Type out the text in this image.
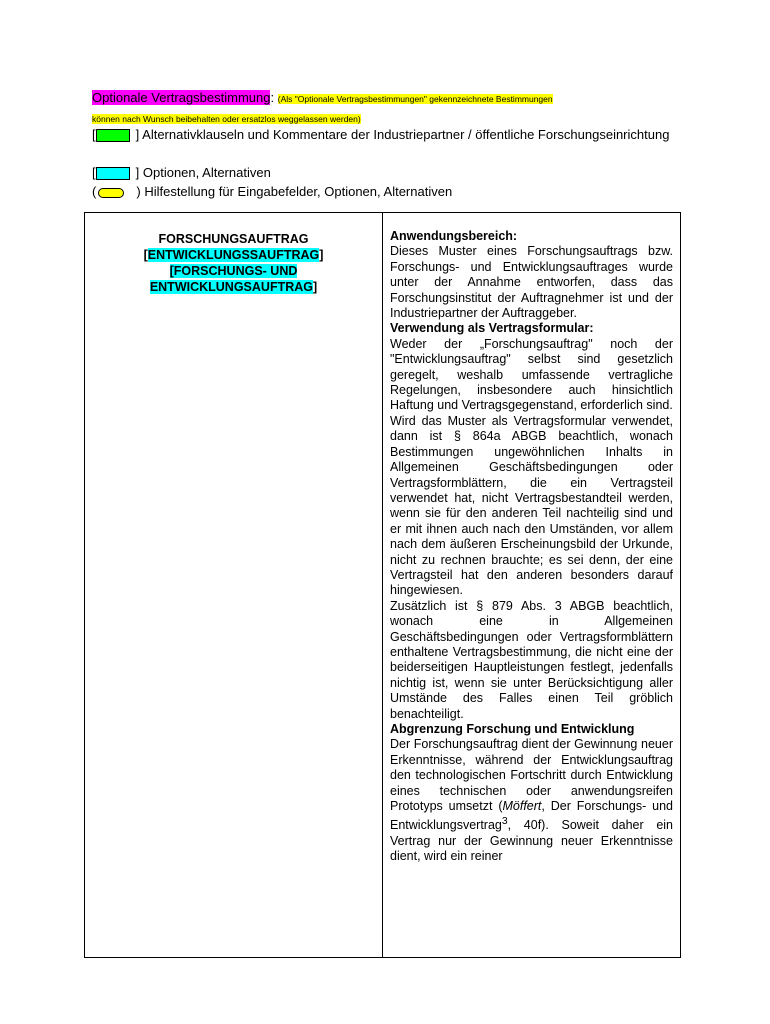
Optionale Vertragsbestimmung: (Als "Optionale Vertragsbestimmungen" gekennzeichnete Bestimmungen
können nach Wunsch beibehalten oder ersatzlos weggelassen werden)
[	] Alternativklauseln und Kommentare der Industriepartner / öffentliche Forschungseinrichtung
[	] Optionen, Alternativen
(	) Hilfestellung für Eingabefelder, Optionen, Alternativen
FORSCHUNGSAUFTRAG
[ENTWICKLUNGSSAUFTRAG]
[FORSCHUNGS- UND
ENTWICKLUNGSAUFTRAG]

Anwendungsbereich:

Dieses Muster eines Forschungsauftrags bzw. Forschungs- und Entwicklungsauftrages wurde unter der Annahme entworfen, dass das Forschungsinstitut der Auftragnehmer ist und der Industriepartner der Auftraggeber.

Verwendung als Vertragsformular:

Weder der „Forschungsauftrag" noch der "Entwicklungsauftrag" selbst sind gesetzlich geregelt, weshalb umfassende vertragliche Regelungen, insbesondere auch hinsichtlich Haftung und Vertragsgegenstand, erforderlich sind.

Wird das Muster als Vertragsformular verwendet, dann ist § 864a ABGB beachtlich, wonach Bestimmungen ungewöhnlichen Inhalts in Allgemeinen Geschäftsbedingungen oder Vertragsformblättern, die ein Vertragsteil verwendet hat, nicht Vertragsbestandteil werden, wenn sie für den anderen Teil nachteilig sind und er mit ihnen auch nach den Umständen, vor allem nach dem äußeren Erscheinungsbild der Urkunde, nicht zu rechnen brauchte; es sei denn, der eine Vertragsteil hat den anderen besonders darauf hingewiesen.

Zusätzlich ist § 879 Abs. 3 ABGB beachtlich, wonach eine in Allgemeinen Geschäftsbedingungen oder Vertragsformblättern enthaltene Vertragsbestimmung, die nicht eine der beiderseitigen Hauptleistungen festlegt, jedenfalls nichtig ist, wenn sie unter Berücksichtigung aller Umstände des Falles einen Teil gröblich benachteiligt.

Abgrenzung Forschung und Entwicklung

Der Forschungsauftrag dient der Gewinnung neuer Erkenntnisse, während der Entwicklungsauftrag den technologischen Fortschritt durch Entwicklung eines technischen oder anwendungsreifen Prototyps umsetzt (Möffert, Der Forschungs- und Entwicklungsvertrag$^3$, 40f). Soweit daher ein Vertrag nur der Gewinnung neuer Erkenntnisse dient, wird ein reiner
